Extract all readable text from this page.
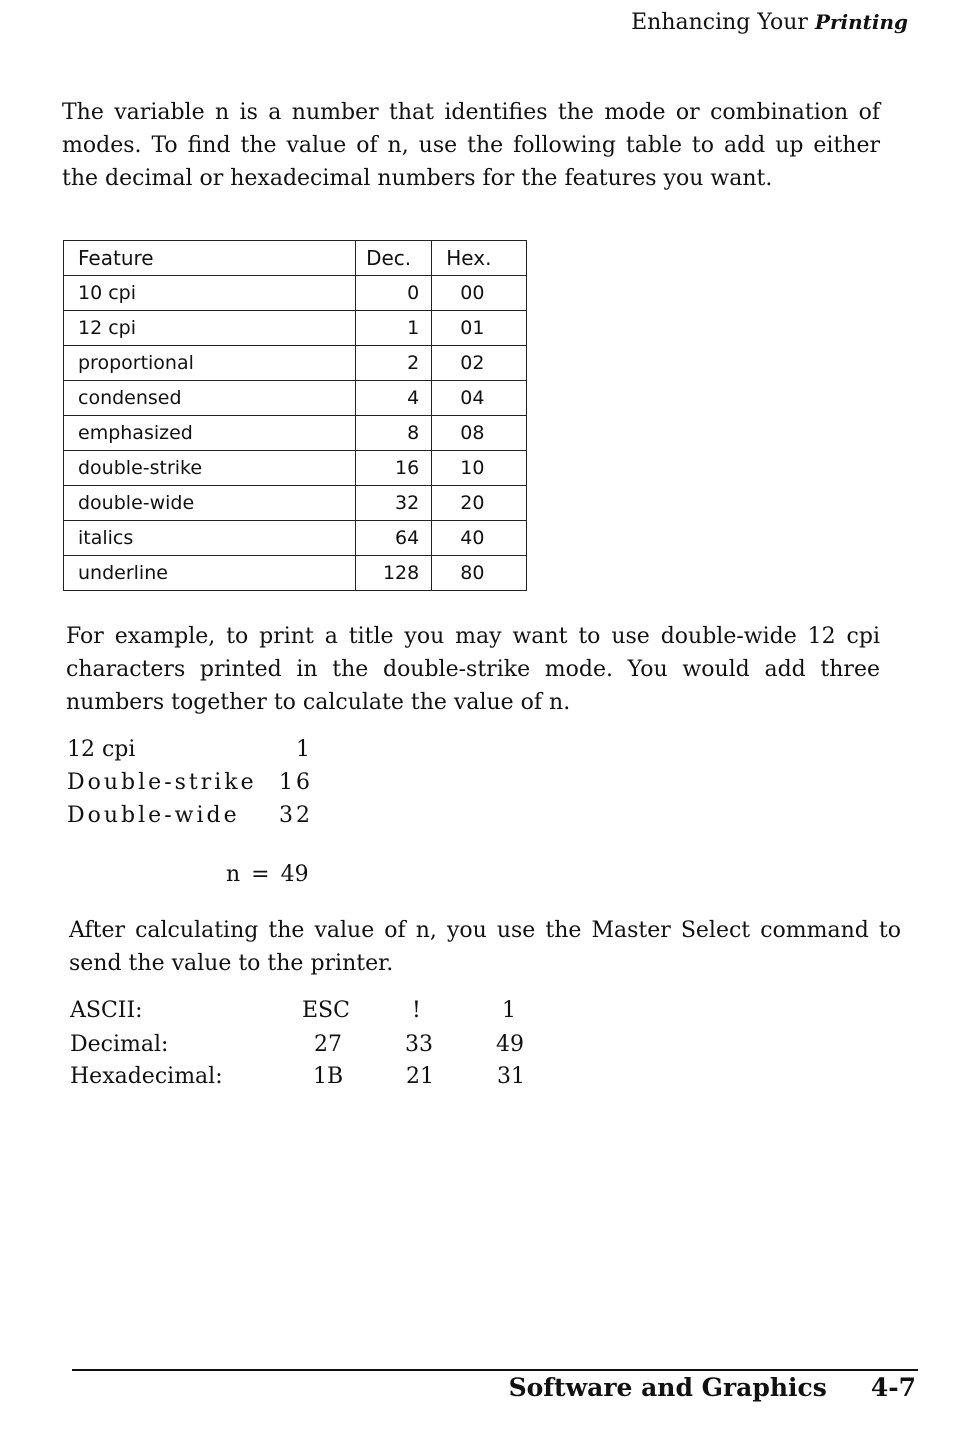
Enhancing Your Printing

The variable n is a number that identifies the mode or combination of modes. To find the value of n, use the following table to add up either the decimal or hexadecimal numbers for the features you want.

Feature	Dec.	Hex.
10 cpi	0	00
12 cpi	1	01
proportional	2	02
condensed	4	04
emphasized	8	08
double-strike	16	10
double-wide	32	20
italics	64	40
underline	128	80

For example, to print a title you may want to use double-wide 12 cpi characters printed in the double-strike mode. You would add three numbers together to calculate the value of n.

12 cpi	1
Double-strike 16
Double-wide 32
n = 49

After calculating the value of n, you use the Master Select command to send the value to the printer.

ASCII:	ESC	!	1
Decimal:	27	33	49
Hexadecimal:	1B	21	31
Software and Graphics 4-7
